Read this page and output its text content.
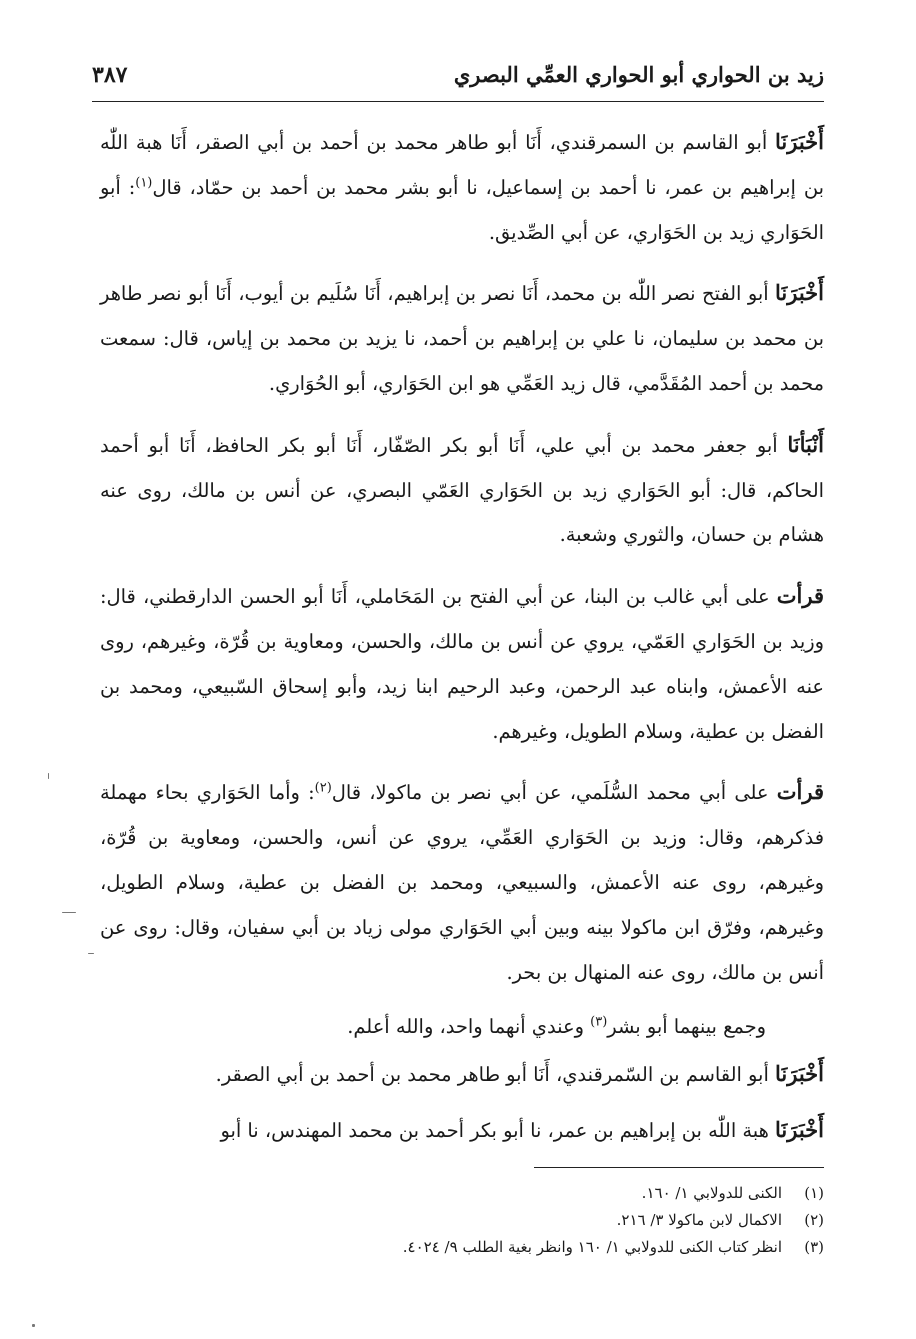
زيد بن الحواري أبو الحواري العمِّي البصري
٣٨٧

أَخْبَرَنَا أبو القاسم بن السمرقندي، أَنَا أبو طاهر محمد بن أحمد بن أبي الصقر، أَنَا هبة اللّٰه بن إبراهيم بن عمر، نا أحمد بن إسماعيل، نا أبو بشر محمد بن أحمد بن حمّاد، قال$^{(١)}$: أبو الحَوَاري زيد بن الحَوَاري، عن أبي الصِّديق.

أَخْبَرَنَا أبو الفتح نصر اللّٰه بن محمد، أَنَا نصر بن إبراهيم، أَنَا سُلَيم بن أيوب، أَنَا أبو نصر طاهر بن محمد بن سليمان، نا علي بن إبراهيم بن أحمد، نا يزيد بن محمد بن إياس، قال: سمعت محمد بن أحمد المُقَدَّمي، قال زيد العَمِّي هو ابن الحَوَاري، أبو الحُوَاري.

أَنْبَأنَا أبو جعفر محمد بن أبي علي، أَنَا أبو بكر الصّفّار، أَنَا أبو بكر الحافظ، أَنَا أبو أحمد الحاكم، قال: أبو الحَوَاري زيد بن الحَوَاري العَمّي البصري، عن أنس بن مالك، روى عنه هشام بن حسان، والثوري وشعبة.

قرأت على أبي غالب بن البنا، عن أبي الفتح بن المَحَاملي، أَنَا أبو الحسن الدارقطني، قال: وزيد بن الحَوَاري العَمّي، يروي عن أنس بن مالك، والحسن، ومعاوية بن قُرّة، وغيرهم، روى عنه الأعمش، وابناه عبد الرحمن، وعبد الرحيم ابنا زيد، وأبو إسحاق السّبيعي، ومحمد بن الفضل بن عطية، وسلام الطويل، وغيرهم.

قرأت على أبي محمد السُّلَمي، عن أبي نصر بن ماكولا، قال$^{(٢)}$: وأما الحَوَاري بحاء مهملة فذكرهم، وقال: وزيد بن الحَوَاري العَمِّي، يروي عن أنس، والحسن، ومعاوية بن قُرّة، وغيرهم، روى عنه الأعمش، والسبيعي، ومحمد بن الفضل بن عطية، وسلام الطويل، وغيرهم، وفرّق ابن ماكولا بينه وبين أبي الحَوَاري مولى زياد بن أبي سفيان، وقال: روى عن أنس بن مالك، روى عنه المنهال بن بحر.

وجمع بينهما أبو بشر$^{(٣)}$ وعندي أنهما واحد، والله أعلم.

أَخْبَرَنَا أبو القاسم بن السّمرقندي، أَنَا أبو طاهر محمد بن أحمد بن أبي الصقر.

أَخْبَرَنَا هبة اللّٰه بن إبراهيم بن عمر، نا أبو بكر أحمد بن محمد المهندس، نا أبو

(١)
الكنى للدولابي ١/ ١٦٠.
(٢)
الاكمال لابن ماكولا ٣/ ٢١٦.
(٣)
انظر كتاب الكنى للدولابي ١/ ١٦٠ وانظر بغية الطلب ٩/ ٤٠٢٤.
